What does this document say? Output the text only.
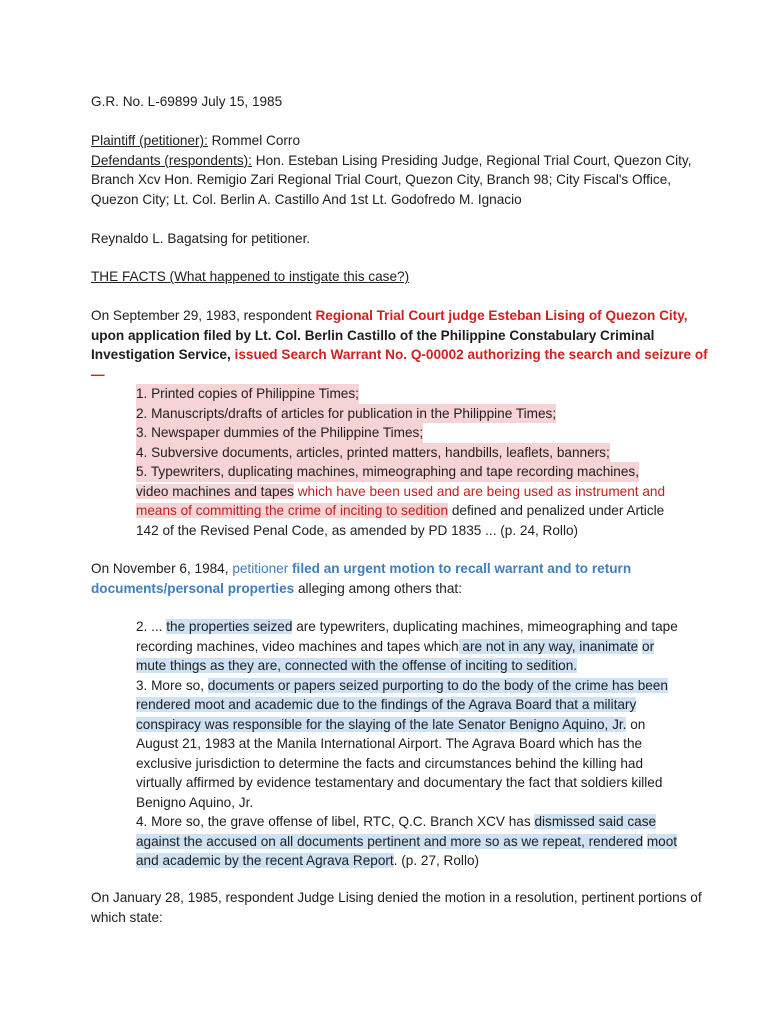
G.R. No. L-69899 July 15, 1985

Plaintiff (petitioner): Rommel Corro
Defendants (respondents): Hon. Esteban Lising Presiding Judge, Regional Trial Court, Quezon City, Branch Xcv Hon. Remigio Zari Regional Trial Court, Quezon City, Branch 98; City Fiscal's Office, Quezon City; Lt. Col. Berlin A. Castillo And 1st Lt. Godofredo M. Ignacio

Reynaldo L. Bagatsing for petitioner.

THE FACTS (What happened to instigate this case?)

On September 29, 1983, respondent Regional Trial Court judge Esteban Lising of Quezon City, upon application filed by Lt. Col. Berlin Castillo of the Philippine Constabulary Criminal Investigation Service, issued Search Warrant No. Q-00002 authorizing the search and seizure of—

1. Printed copies of Philippine Times;
2. Manuscripts/drafts of articles for publication in the Philippine Times;
3. Newspaper dummies of the Philippine Times;
4. Subversive documents, articles, printed matters, handbills, leaflets, banners;
5. Typewriters, duplicating machines, mimeographing and tape recording machines,
video machines and tapes which have been used and are being used as instrument and
means of committing the crime of inciting to sedition defined and penalized under Article 142 of the Revised Penal Code, as amended by PD 1835 ... (p. 24, Rollo)

On November 6, 1984, petitioner filed an urgent motion to recall warrant and to return documents/personal properties alleging among others that:

2. ... the properties seized are typewriters, duplicating machines, mimeographing and tape recording machines, video machines and tapes which are not in any way, inanimate or mute things as they are, connected with the offense of inciting to sedition.
3. More so, documents or papers seized purporting to do the body of the crime has been rendered moot and academic due to the findings of the Agrava Board that a military conspiracy was responsible for the slaying of the late Senator Benigno Aquino, Jr. on August 21, 1983 at the Manila International Airport. The Agrava Board which has the exclusive jurisdiction to determine the facts and circumstances behind the killing had virtually affirmed by evidence testamentary and documentary the fact that soldiers killed Benigno Aquino, Jr.
4. More so, the grave offense of libel, RTC, Q.C. Branch XCV has dismissed said case against the accused on all documents pertinent and more so as we repeat, rendered moot and academic by the recent Agrava Report. (p. 27, Rollo)

On January 28, 1985, respondent Judge Lising denied the motion in a resolution, pertinent portions of which state:
